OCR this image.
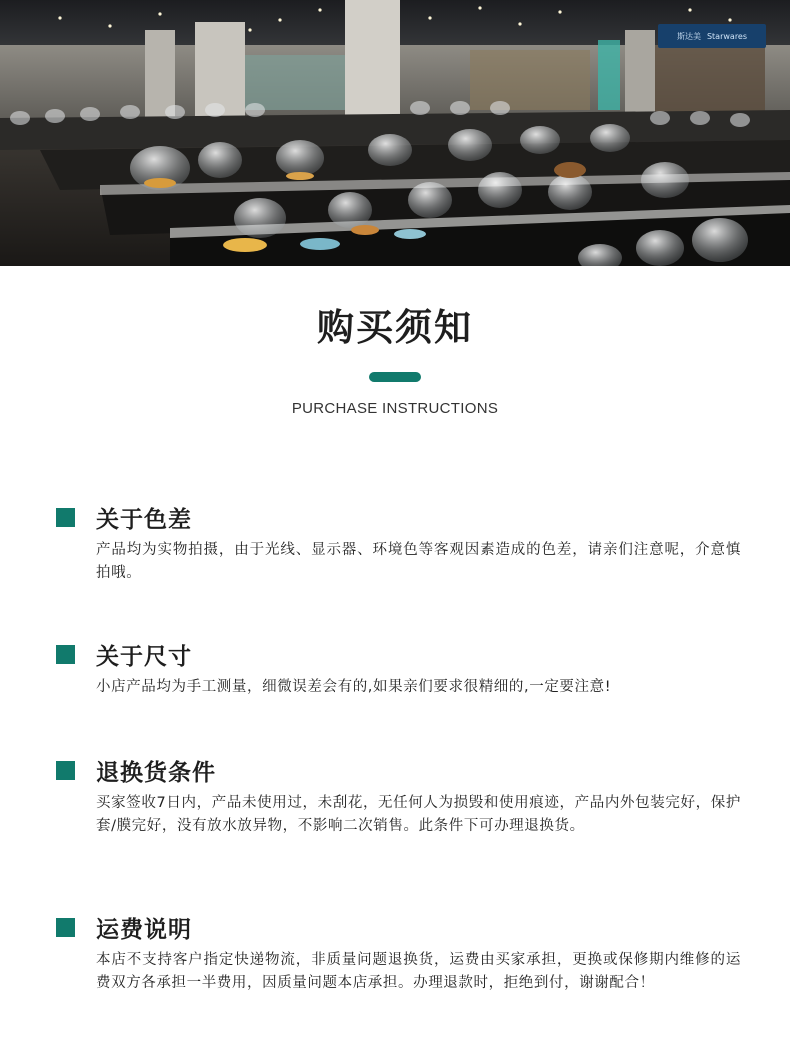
斯达美 Starwares
购买须知
PURCHASE INSTRUCTIONS
关于色差
产品均为实物拍摄，由于光线、显示器、环境色等客观因素造成的色差，请亲们注意呢，介意慎拍哦。
关于尺寸
小店产品均为手工测量，细微误差会有的,如果亲们要求很精细的,一定要注意!
退换货条件
买家签收7日内，产品未使用过，未刮花，无任何人为损毁和使用痕迹，产品内外包装完好，保护套/膜完好，没有放水放异物，不影响二次销售。此条件下可办理退换货。
运费说明
本店不支持客户指定快递物流，非质量问题退换货，运费由买家承担，更换或保修期内维修的运费双方各承担一半费用，因质量问题本店承担。办理退款时，拒绝到付，谢谢配合！
